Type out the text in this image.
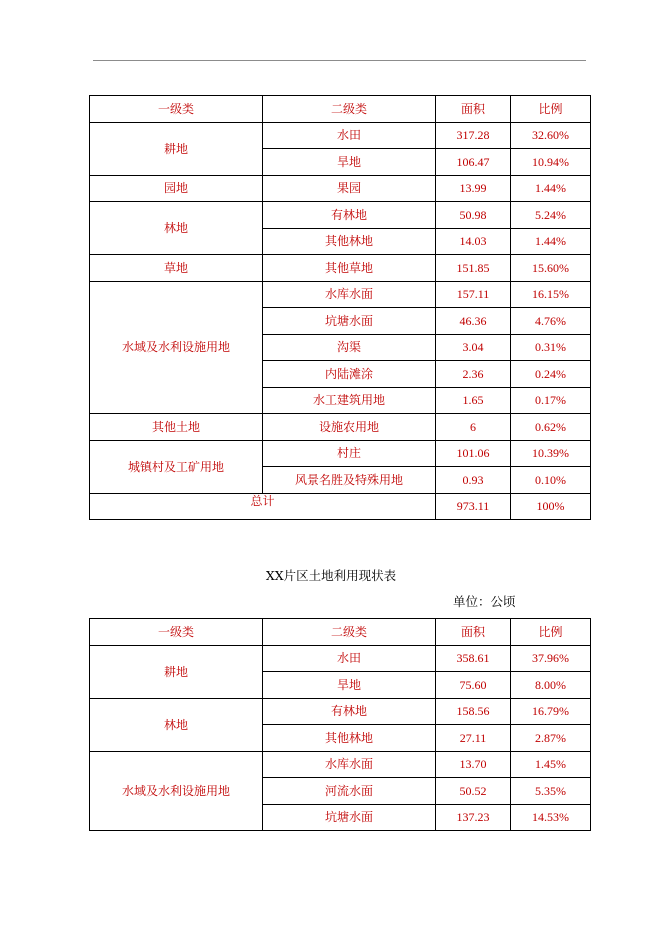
一级类	二级类	面积	比例
耕地	水田	317.28	32.60%
	旱地	106.47	10.94%
园地	果园	13.99	1.44%
林地	有林地	50.98	5.24%
	其他林地	14.03	1.44%
草地	其他草地	151.85	15.60%
水域及水利设施用地	水库水面	157.11	16.15%
	坑塘水面	46.36	4.76%
	沟渠	3.04	0.31%
	内陆滩涂	2.36	0.24%
	水工建筑用地	1.65	0.17%
其他土地	设施农用地	6	0.62%
城镇村及工矿用地	村庄	101.06	10.39%
	风景名胜及特殊用地	0.93	0.10%
总计		973.11	100%
XX片区土地利用现状表
单位：公顷
一级类	二级类	面积	比例
耕地	水田	358.61	37.96%
	旱地	75.60	8.00%
林地	有林地	158.56	16.79%
	其他林地	27.11	2.87%
水域及水利设施用地	水库水面	13.70	1.45%
	河流水面	50.52	5.35%
	坑塘水面	137.23	14.53%
